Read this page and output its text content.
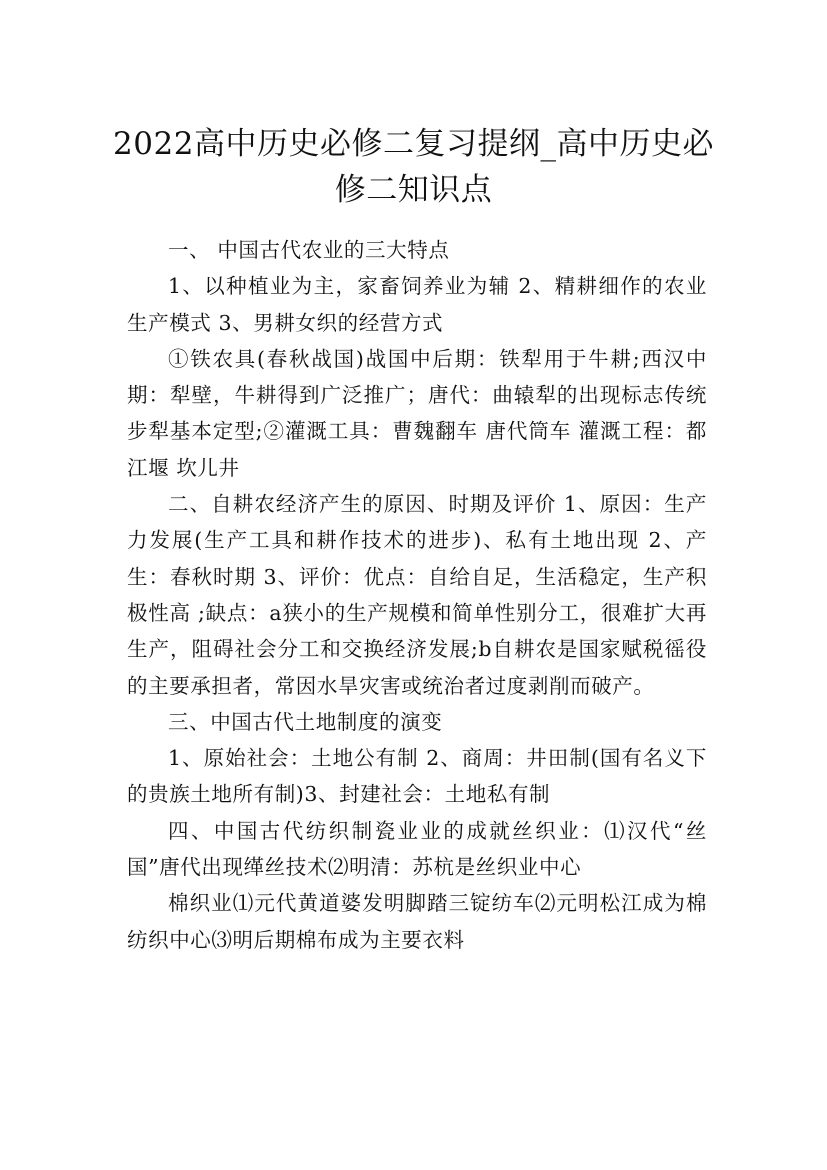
2022高中历史必修二复习提纲_高中历史必修二知识点

一、 中国古代农业的三大特点

1、以种植业为主，家畜饲养业为辅 2、精耕细作的农业生产模式 3、男耕女织的经营方式

①铁农具(春秋战国)战国中后期：铁犁用于牛耕;西汉中期：犁壁，牛耕得到广泛推广；唐代：曲辕犁的出现标志传统步犁基本定型;②灌溉工具：曹魏翻车 唐代筒车 灌溉工程：都江堰 坎儿井

二、自耕农经济产生的原因、时期及评价 1、原因：生产力发展(生产工具和耕作技术的进步)、私有土地出现 2、产生：春秋时期 3、评价：优点：自给自足，生活稳定，生产积极性高 ;缺点：a狭小的生产规模和简单性别分工，很难扩大再生产，阻碍社会分工和交换经济发展;b自耕农是国家赋税徭役的主要承担者，常因水旱灾害或统治者过度剥削而破产。

三、中国古代土地制度的演变

1、原始社会：土地公有制 2、商周：井田制(国有名义下的贵族土地所有制)3、封建社会：土地私有制

四、中国古代纺织制瓷业业的成就丝织业：⑴汉代“丝国”唐代出现缂丝技术⑵明清：苏杭是丝织业中心

棉织业⑴元代黄道婆发明脚踏三锭纺车⑵元明松江成为棉纺织中心⑶明后期棉布成为主要衣料
